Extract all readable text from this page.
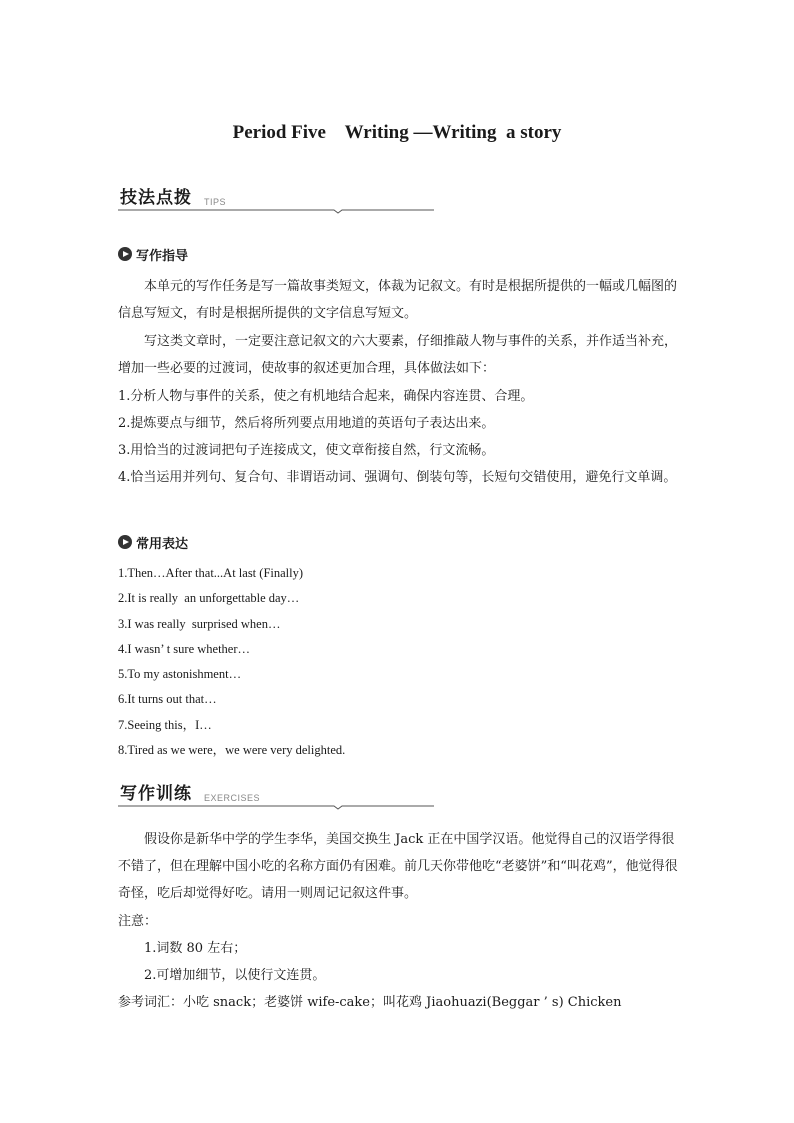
Period Five    Writing —Writing  a story
技法点拨 TIPS
写作指导
本单元的写作任务是写一篇故事类短文，体裁为记叙文。有时是根据所提供的一幅或几幅图的信息写短文，有时是根据所提供的文字信息写短文。
写这类文章时，一定要注意记叙文的六大要素，仔细推敲人物与事件的关系，并作适当补充，增加一些必要的过渡词，使故事的叙述更加合理，具体做法如下：
1.分析人物与事件的关系，使之有机地结合起来，确保内容连贯、合理。
2.提炼要点与细节，然后将所列要点用地道的英语句子表达出来。
3.用恰当的过渡词把句子连接成文，使文章衔接自然，行文流畅。
4.恰当运用并列句、复合句、非谓语动词、强调句、倒装句等，长短句交错使用，避免行文单调。
常用表达
1.Then…After that...At last (Finally)
2.It is really  an unforgettable day…
3.I was really  surprised when…
4.I wasn’ t sure whether…
5.To my astonishment…
6.It turns out that…
7.Seeing this，I…
8.Tired as we were，we were very delighted.
写作训练 EXERCISES
假设你是新华中学的学生李华，美国交换生 Jack 正在中国学汉语。他觉得自己的汉语学得很不错了，但在理解中国小吃的名称方面仍有困难。前几天你带他吃“老婆饼”和“叫花鸡”，他觉得很奇怪，吃后却觉得好吃。请用一则周记记叙这件事。
注意：
1.词数 80 左右；
2.可增加细节，以使行文连贯。
参考词汇：小吃 snack；老婆饼 wife-cake；叫花鸡 Jiaohuazi(Beggar ’ s) Chicken
